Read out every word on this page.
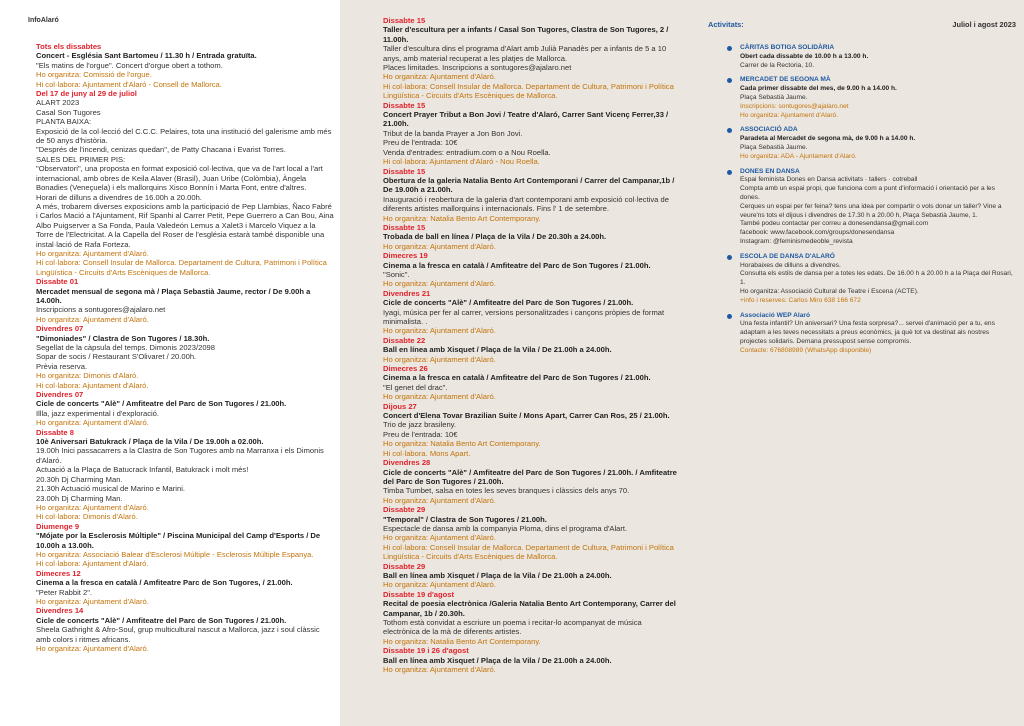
Tots els dissabtes
Concert - Església Sant Bartomeu / 11.30 h / Entrada gratuïta.
"Els matins de l'orgue". Concert d'orgue obert a tothom.
Ho organitza: Comissió de l'orgue.
Hi col·labora: Ajuntament d'Alaró - Consell de Mallorca.
Del 17 de juny al 29 de juliol
ALART 2023
Casal Son Tugores
PLANTA BAIXA:
Exposició de la col·lecció del C.C.C. Pelaires, tota una institució del galerisme amb més de 50 anys d'història.
"Després de l'incendi, cenizas quedan", de Patty Chacana i Evarist Torres.
SALES DEL PRIMER PIS:
"Observatori", una proposta en format exposició col·lectiva, que va de l'art local a l'art internacional, amb obres de Keila Alaver (Brasil), Juan Uribe (Colòmbia), Àngela Bonadies (Veneçuela) i els mallorquins Xisco Bonnín i Marta Font, entre d'altres.
Horari de dilluns a divendres de 16.00h a 20.00h.
A més, trobarem diverses exposicions amb la participació de Pep Llambias, Ñaco Fabré i Carlos Mació a l'Ajuntament, Rif Spanhi al Carrer Petit, Pepe Guerrero a Can Bou, Aina Albo Puigserver a Sa Fonda, Paula Valedeón Lemus a Xalet3 i Marcelo Viquez a la Torre de l'Electricitat. A la Capella del Roser de l'església estarà també disponible una instal·lació de Rafa Forteza.
Ho organitza: Ajuntament d'Alaró.
Hi col·labora: Consell Insular de Mallorca. Departament de Cultura, Patrimoni i Política Lingüística - Circuits d'Arts Escèniques de Mallorca.
Dissabte 01
Mercadet mensual de segona mà / Plaça Sebastià Jaume, rector / De 9.00h a 14.00h.
Inscripcions a sontugores@ajalaro.net
Ho organitza: Ajuntament d'Alaró.
Divendres 07
"Dimoniades" / Clastra de Son Tugores / 18.30h.
Segellat de la càpsula del temps. Dimonis 2023/2098
Sopar de socis / Restaurant S'Olivaret / 20.00h.
Prèvia reserva.
Ho organitza: Dimonis d'Alaró.
Hi col·labora: Ajuntament d'Alaró.
Divendres 07
Cicle de concerts "Alè" / Amfiteatre del Parc de Son Tugores / 21.00h.
Illla, jazz experimental i d'exploració.
Ho organitza: Ajuntament d'Alaró.
Dissabte 8
10è Aniversari Batukrack / Plaça de la Vila / De 19.00h a 02.00h.
19.00h Inici passacarrers a la Clastra de Son Tugores amb na Marranxa i els Dimonis d'Alaró.
Actuació a la Plaça de Batucrack Infantil, Batukrack i molt més!
20.30h Dj Charming Man.
21.30h Actuació musical de Marino e Marini.
23.00h Dj Charming Man.
Ho organitza: Ajuntament d'Alaró.
Hi col·labora: Dimonis d'Alaró.
Diumenge 9
"Mójate por la Esclerosis Múltiple" / Piscina Municipal del Camp d'Esports / De 10.00h a 13.00h.
Ho organitza: Associació Balear d'Esclerosi Múltiple - Esclerosis Múltiple Espanya.
Hi col·labora: Ajuntament d'Alaró.
Dimecres 12
Cinema a la fresca en català / Amfiteatre Parc de Son Tugores, / 21.00h.
"Peter Rabbit 2".
Ho organitza: Ajuntament d'Alaró.
Divendres 14
Cicle de concerts "Alè" / Amfiteatre del Parc de Son Tugores / 21.00h.
Sheela Gathright & Afro-Soul, grup multicultural nascut a Mallorca, jazz i soul clàssic amb colors i ritmes africans.
Ho organitza: Ajuntament d'Alaró.
InfoAlaró	Dissabte 15
Taller d'escultura per a infants / Casal Son Tugores, Clastra de Son Tugores, 2 / 11.00h.
Taller d'escultura dins el programa d'Alart amb Julià Panadès per a infants de 5 a 10 anys, amb material recuperat a les platjes de Mallorca.
Places limitades. Inscripcions a sontugores@ajalaro.net
Ho organitza: Ajuntament d'Alaró.
Hi col·labora: Consell Insular de Mallorca. Departament de Cultura, Patrimoni i Política Lingüística - Circuits d'Arts Escèniques de Mallorca.
Dissabte 15
Concert Prayer Tribut a Bon Jovi / Teatre d'Alaró, Carrer Sant Vicenç Ferrer,33 / 21.00h.
Tribut de la banda Prayer a Jon Bon Jovi.
Preu de l'entrada: 10€
Venda d'entrades: entradium.com o a Nou Roella.
Hi col·labora: Ajuntament d'Alaró - Nou Roella.
Dissabte 15
Obertura de la galeria Natalia Bento Art Contemporani / Carrer del Campanar,1b / De 19.00h a 21.00h.
Inauguració i reobertura de la galeria d'art contemporani amb exposició col·lectiva de diferents artistes mallorquins i internacionals. Fins l' 1 de setembre.
Ho organitza: Natalia Bento Art Contemporany.
Dissabte 15
Trobada de ball en línea / Plaça de la Vila / De 20.30h a 24.00h.
Ho organitza: Ajuntament d'Alaró.
Dimecres 19
Cinema a la fresca en català / Amfiteatre del Parc de Son Tugores / 21.00h.
"Sonic".
Ho organitza: Ajuntament d'Alaró.
Divendres 21
Cicle de concerts "Alè" / Amfiteatre del Parc de Son Tugores / 21.00h.
Iyagi, música per fer al carrer, versions personalitzades i cançons pròpies de format minimalista. .
Ho organitza: Ajuntament d'Alaró.
Dissabte 22
Ball en línea amb Xisquet / Plaça de la Vila / De 21.00h a 24.00h.
Ho organitza: Ajuntament d'Alaró.
Dimecres 26
Cinema a la fresca en català / Amfiteatre del Parc de Son Tugores / 21.00h.
"El genet del drac".
Ho organitza: Ajuntament d'Alaró.
Dijous 27
Concert d'Elena Tovar Brazilian Suite / Mons Apart, Carrer Can Ros, 25 / 21.00h.
Trio de jazz brasileny.
Preu de l'entrada: 10€
Ho organitza: Natalia Bento Art Contemporany.
Hi col·labora. Mons Apart.
Divendres 28
Cicle de concerts "Alè" / Amfiteatre del Parc de Son Tugores / 21.00h. / Amfiteatre del Parc de Son Tugores / 21.00h.
Timba Tumbet, salsa en totes les seves branques i clàssics dels anys 70.
Ho organitza: Ajuntament d'Alaró.
Dissabte 29
"Temporal" / Clastra de Son Tugores / 21.00h.
Espectacle de dansa amb la companyia Ploma, dins el programa d'Alart.
Ho organitza: Ajuntament d'Alaró.
Hi col·labora: Consell Insular de Mallorca. Departament de Cultura, Patrimoni i Política Lingüística - Circuits d'Arts Escèniques de Mallorca.
Dissabte 29
Ball en línea amb Xisquet / Plaça de la Vila / De 21.00h a 24.00h.
Ho organitza: Ajuntament d'Alaró.
Dissabte 19 d'agost
Recital de poesia electrònica /Galeria Natalia Bento Art Contemporany, Carrer del Campanar, 1b / 20.30h.
Tothom està convidat a escriure un poema i recitar-lo acompanyat de música electrònica de la mà de diferents artistes.
Ho organitza: Natalia Bento Art Contemporany.
Dissabte 19 i 26 d'agost
Ball en línea amb Xisquet / Plaça de la Vila / De 21.00h a 24.00h.
Ho organitza: Ajuntament d'Alaró.
Activitats:	Juliol i agost 2023
CÀRITAS BOTIGA SOLIDÀRIA
Obert cada dissabte de 10.00 h a 13.00 h.
Carrer de la Rectoria, 10.
MERCADET DE SEGONA MÀ
Cada primer dissabte del mes, de 9.00 h a 14.00 h.
Plaça Sebastià Jaume.
Inscripcions: sontugores@ajalaro.net
Ho organitza: Ajuntament d'Alaró.
ASSOCIACIÓ ADA
Paradeta al Mercadet de segona mà, de 9.00 h a 14.00 h.
Plaça Sebastià Jaume.
Ho organitza: ADA - Ajuntament d'Alaró.
DONES EN DANSA
Espai feminista Dones en Dansa activitats · tallers · cotreball
Compta amb un espai propi, que funciona com a punt d'informació i orientació per a les dones.
Cerques un espai per fer feina? tens una idea per compartir o vols donar un taller? Vine a veure'ns tots el dijous i divendres de 17.30 h a 20.00 h, Plaça Sebastià Jaume, 1.
També podeu contactar per correu a donesendansa@gmail.com
facebook: www.facebook.com/groups/donesendansa
Instagram: @feminismedeoble_revista
ESCOLA DE DANSA D'ALARÓ
Horabaixes de dilluns a divendres.
Consulta els estils de dansa per a totes les edats. De 16.00 h a 20.00 h a la Plaça del Rosari, 1.
Ho organitza: Associació Cultural de Teatre i Escena (ACTE).
+info i reserves: Carlos Miro 638 166 672
Associació WEP Alaró
Una festa infantil? Un aniversari? Una festa sorpresa?... servei d'animació per a tu, ens adaptam a les teves necessitats a preus econòmics, ja què tot va destinat als nostres projectes solidaris. Demana pressupost sense compromís.
Contacte: 676808989 (WhatsApp disponible)
